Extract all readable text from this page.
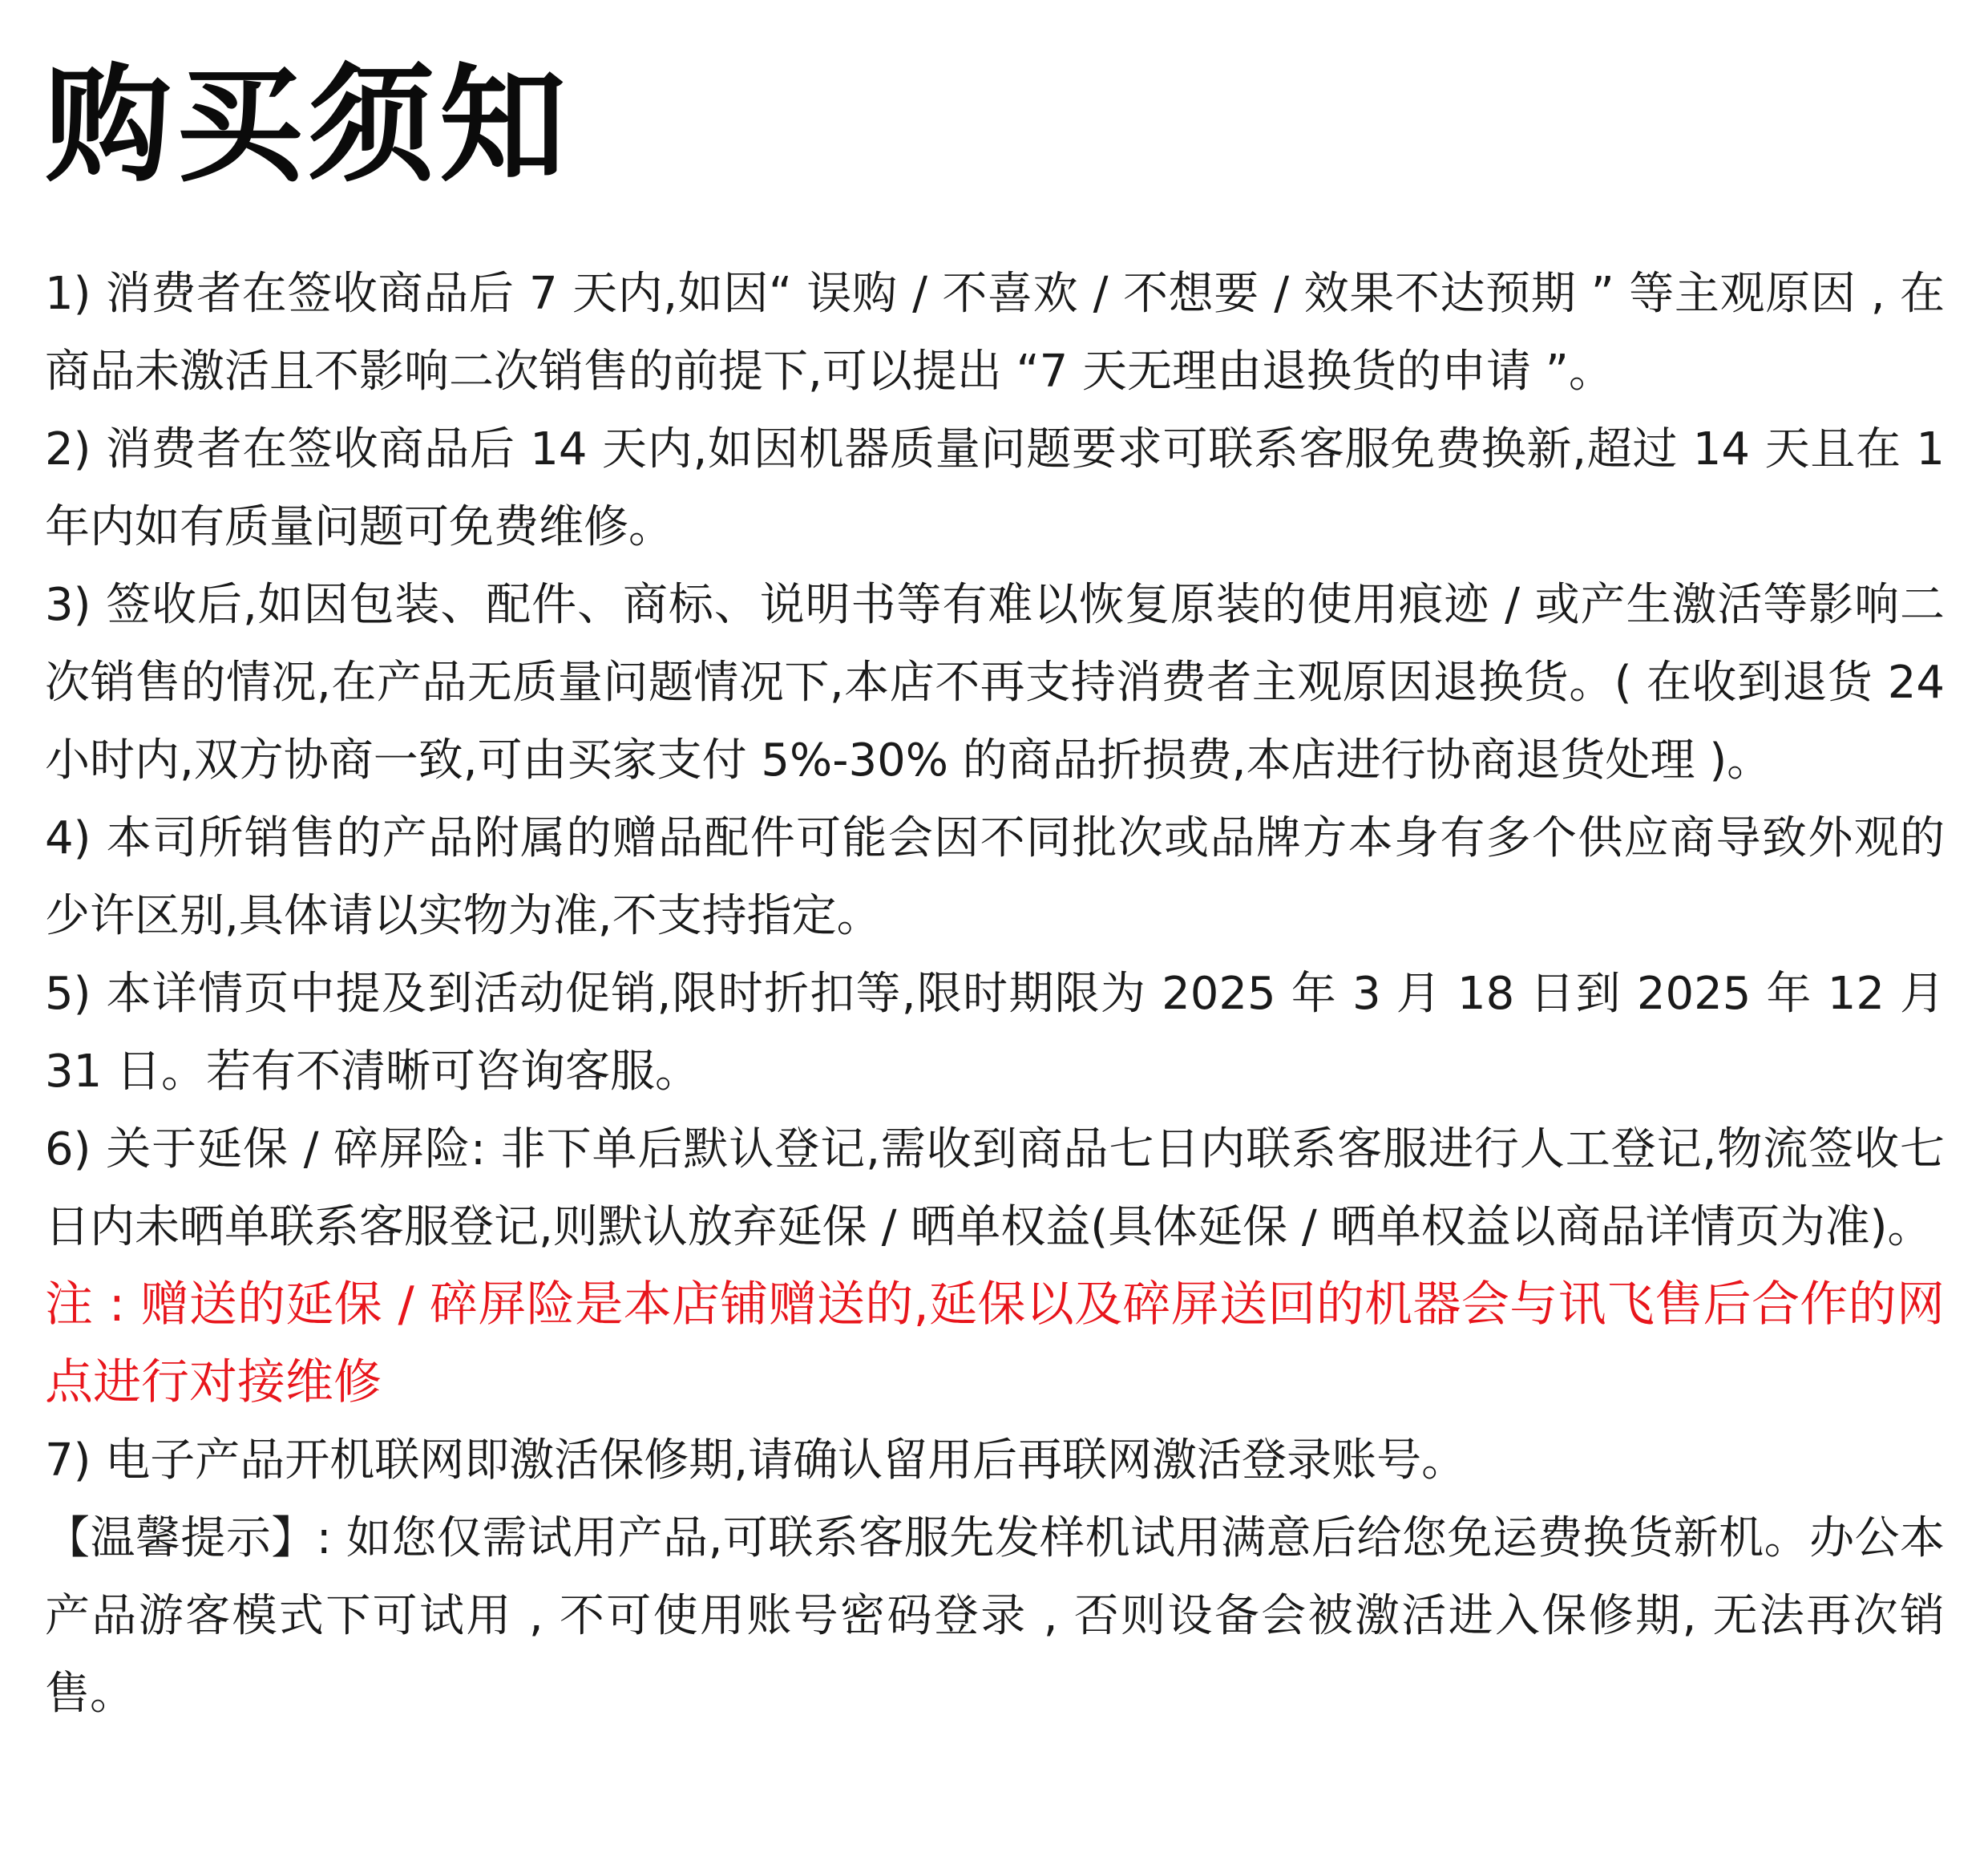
购买须知

1) 消费者在签收商品后 7 天内,如因“ 误购 / 不喜欢 / 不想要 / 效果不达预期 ” 等主观原因 , 在商品未激活且不影响二次销售的前提下,可以提出 “7 天无理由退换货的申请 ”。

2) 消费者在签收商品后 14 天内,如因机器质量问题要求可联系客服免费换新,超过 14 天且在 1 年内如有质量问题可免费维修。

3) 签收后,如因包装、配件、商标、说明书等有难以恢复原装的使用痕迹 / 或产生激活等影响二次销售的情况,在产品无质量问题情况下,本店不再支持消费者主观原因退换货。( 在收到退货 24 小时内,双方协商一致,可由买家支付 5%-30% 的商品折损费,本店进行协商退货处理 )。

4) 本司所销售的产品附属的赠品配件可能会因不同批次或品牌方本身有多个供应商导致外观的少许区别,具体请以实物为准,不支持指定。

5) 本详情页中提及到活动促销,限时折扣等,限时期限为 2025 年 3 月 18 日到 2025 年 12 月 31 日。若有不清晰可咨询客服。

6) 关于延保 / 碎屏险: 非下单后默认登记,需收到商品七日内联系客服进行人工登记,物流签收七日内未晒单联系客服登记,则默认放弃延保 / 晒单权益(具体延保 / 晒单权益以商品详情页为准)。

注 : 赠送的延保 / 碎屏险是本店铺赠送的,延保以及碎屏送回的机器会与讯飞售后合作的网点进行对接维修

7) 电子产品开机联网即激活保修期,请确认留用后再联网激活登录账号。

【温馨提示】: 如您仅需试用产品,可联系客服先发样机试用满意后给您免运费换货新机。办公本产品游客模式下可试用 , 不可使用账号密码登录 , 否则设备会被激活进入保修期, 无法再次销售。
